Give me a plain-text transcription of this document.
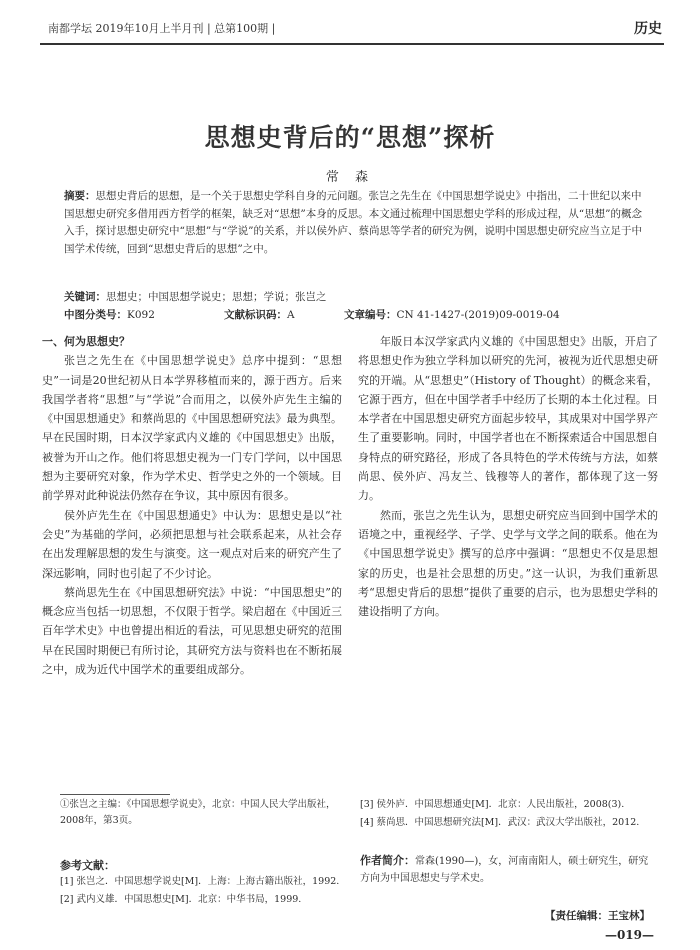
南都学坛 2019年10月上半月刊 | 总第100期 |	历史
思想史背后的“思想”探析
常 森
摘要：思想史背后的思想，是一个关于思想史学科自身的元问题。张岂之先生在《中国思想学说史》中指出，二十世纪以来中国思想史研究多借用西方哲学的框架，缺乏对“思想”本身的反思。本文通过梳理中国思想史学科的形成过程，从“思想”的概念入手，探讨思想史研究中“思想”与“学说”的关系，并以侯外庐、蔡尚思等学者的研究为例，说明中国思想史研究应当立足于中国学术传统，回到“思想史背后的思想”之中。
关键词：思想史；中国思想学说史；思想；学说；张岂之
中图分类号：K092	文献标识码：A	文章编号：CN 41-1427-(2019)09-0019-04

一、何为思想史？

张岂之先生在《中国思想学说史》总序中提到：“思想史”一词是20世纪初从日本学界移植而来的，源于西方。后来我国学者将“思想”与“学说”合而用之，以侯外庐先生主编的《中国思想通史》和蔡尚思的《中国思想研究法》最为典型。早在民国时期，日本汉学家武内义雄的《中国思想史》出版，被誉为开山之作。他们将思想史视为一门专门学问，以中国思想为主要研究对象，作为学术史、哲学史之外的一个领域。目前学界对此种说法仍然存在争议，其中原因有很多。

侯外庐先生在《中国思想通史》中认为：思想史是以“社会史”为基础的学问，必须把思想与社会联系起来，从社会存在出发理解思想的发生与演变。这一观点对后来的研究产生了深远影响，同时也引起了不少讨论。

蔡尚思先生在《中国思想研究法》中说：“中国思想史”的概念应当包括一切思想，不仅限于哲学。梁启超在《中国近三百年学术史》中也曾提出相近的看法，可见思想史研究的范围早在民国时期便已有所讨论，其研究方法与资料也在不断拓展之中，成为近代中国学术的重要组成部分。

年版日本汉学家武内义雄的《中国思想史》出版，开启了将思想史作为独立学科加以研究的先河，被视为近代思想史研究的开端。从“思想史”（History of Thought）的概念来看，它源于西方，但在中国学者手中经历了长期的本土化过程。日本学者在中国思想史研究方面起步较早，其成果对中国学界产生了重要影响。同时，中国学者也在不断探索适合中国思想自身特点的研究路径，形成了各具特色的学术传统与方法，如蔡尚思、侯外庐、冯友兰、钱穆等人的著作，都体现了这一努力。

然而，张岂之先生认为，思想史研究应当回到中国学术的语境之中，重视经学、子学、史学与文学之间的联系。他在为《中国思想学说史》撰写的总序中强调：“思想史不仅是思想家的历史，也是社会思想的历史。”这一认识，为我们重新思考“思想史背后的思想”提供了重要的启示，也为思想史学科的建设指明了方向。

①张岂之主编：《中国思想学说史》，北京：中国人民大学出版社，2008年，第3页。
[3] 侯外庐．中国思想通史[M]．北京：人民出版社，2008(3).
[4] 蔡尚思．中国思想研究法[M]．武汉：武汉大学出版社，2012.
参考文献：
[1] 张岂之．中国思想学说史[M]．上海：上海古籍出版社，1992.
[2] 武内义雄．中国思想史[M]．北京：中华书局，1999.
作者简介：常森(1990—)，女，河南南阳人，硕士研究生，研究方向为中国思想史与学术史。
【责任编辑：王宝林】
—019—
